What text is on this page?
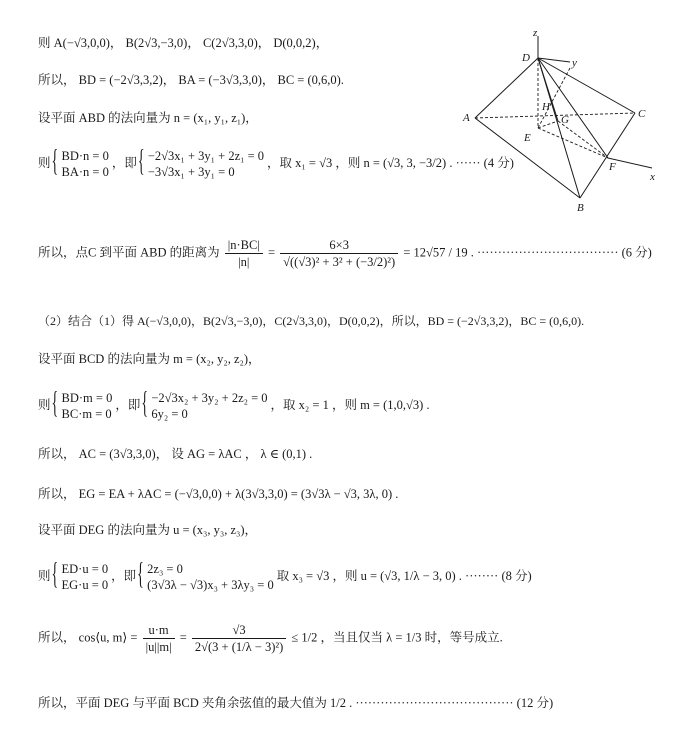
z
y
x
D
A	C
B
E
G
H
F
则 A(−√3,0,0)， B(2√3,−3,0)， C(2√3,3,0)， D(0,0,2)，
所以， BD = (−2√3,3,2)， BA = (−3√3,3,0)， BC = (0,6,0).
设平面 ABD 的法向量为 n = (x₁, y₁, z₁)，
则 { BD·n = 0
BA·n = 0
，即 { −2√3x₁ + 3y₁ + 2z₁ = 0
−3√3x₁ + 3y₁ = 0
，取 x₁ = √3 ，则 n = (√3, 3, −3/2) . ······ (4 分)
所以，点C 到平面 ABD 的距离为 $\frac{|n\cdot BC|}{|n|} = \frac{6\times 3}{\text{√((√3)² + 3² + (−3/2)²)}} = 12√57 / 19$ . ·································· (6 分)
（2）结合（1）得 A(−√3,0,0)，B(2√3,−3,0)，C(2√3,3,0)，D(0,0,2)，所以，BD = (−2√3,3,2)，BC = (0,6,0).
设平面 BCD 的法向量为 m = (x₂, y₂, z₂)，
则 { BD·m = 0
BC·m = 0
，即 { −2√3x₂ + 3y₂ + 2z₂ = 0
6y₂ = 0
，取 x₂ = 1 ，则 m = (1,0,√3) .
所以， AC = (3√3,3,0)， 设 AG = λAC ， λ ∈ (0,1) .
所以， EG = EA + λAC = (−√3,0,0) + λ(3√3,3,0) = (3√3λ − √3, 3λ, 0) .
设平面 DEG 的法向量为 u = (x₃, y₃, z₃)，
则 { ED·u = 0
EG·u = 0
，即 { 2z₃ = 0
(3√3λ − √3)x₃ + 3λy₃ = 0
取 x₃ = √3 ，则 u = (√3, 1/λ − 3, 0) . ········ (8 分)
所以， cos⟨u, m⟩ = $\frac{u\cdot m}{|u||m|} = \frac{√3}{\text{2√(3 + (1/λ − 3)²)}} \le 1/2$ ，当且仅当 λ = 1/3 时，等号成立.
所以，平面 DEG 与平面 BCD 夹角余弦值的最大值为 1/2 . ······································ (12 分)
